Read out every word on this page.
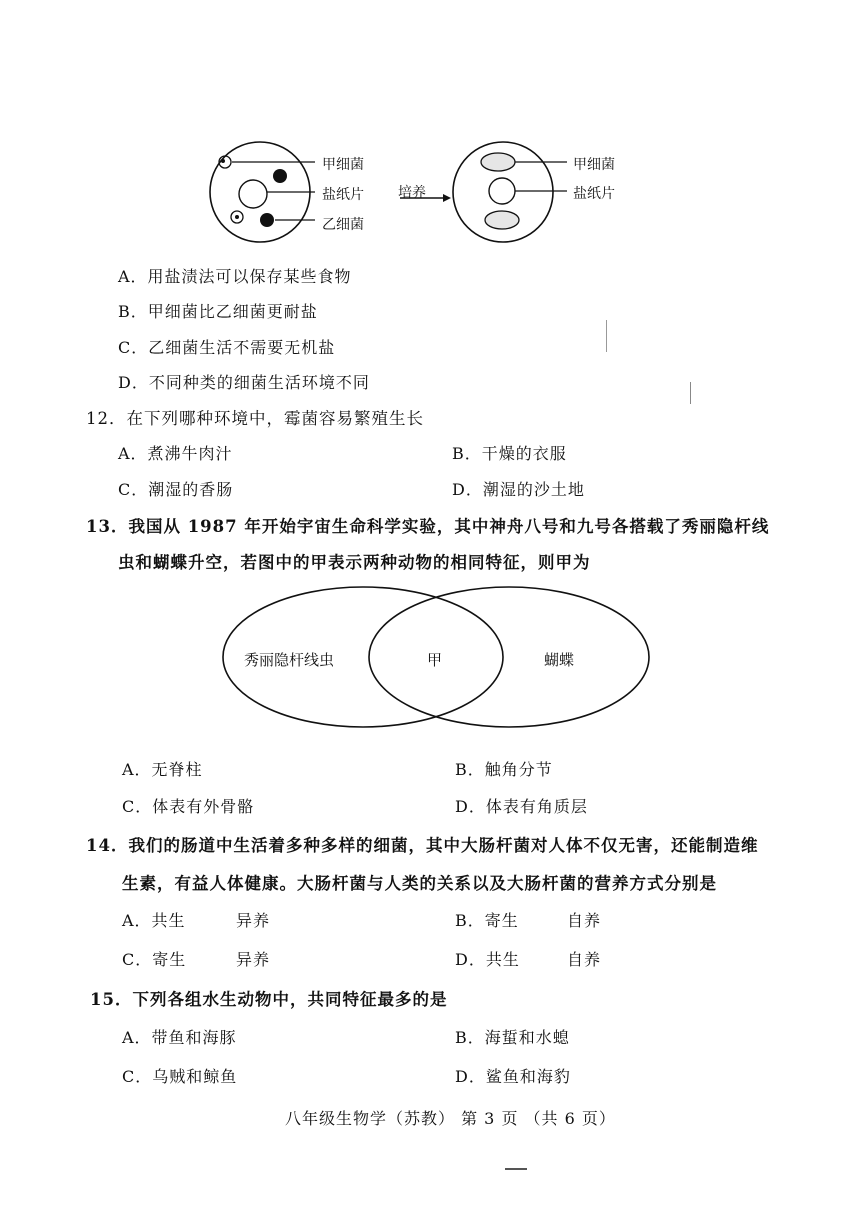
甲细菌
盐纸片
乙细菌
培养
甲细菌
盐纸片
A．用盐渍法可以保存某些食物
B．甲细菌比乙细菌更耐盐
C．乙细菌生活不需要无机盐
D．不同种类的细菌生活环境不同
12．在下列哪种环境中，霉菌容易繁殖生长
A．煮沸牛肉汁	B．干燥的衣服
C．潮湿的香肠	D．潮湿的沙土地
13．我国从 1987 年开始宇宙生命科学实验，其中神舟八号和九号各搭载了秀丽隐杆线
虫和蝴蝶升空，若图中的甲表示两种动物的相同特征，则甲为
秀丽隐杆线虫	甲	蝴蝶
A．无脊柱	B．触角分节
C．体表有外骨骼	D．体表有角质层
14．我们的肠道中生活着多种多样的细菌，其中大肠杆菌对人体不仅无害，还能制造维
生素，有益人体健康。大肠杆菌与人类的关系以及大肠杆菌的营养方式分别是
A．共生	异养	B．寄生	自养
C．寄生	异养	D．共生	自养
15．下列各组水生动物中，共同特征最多的是
A．带鱼和海豚	B．海蜇和水螅
C．乌贼和鲸鱼	D．鲨鱼和海豹
八年级生物学（苏教） 第 3 页 （共 6 页）
